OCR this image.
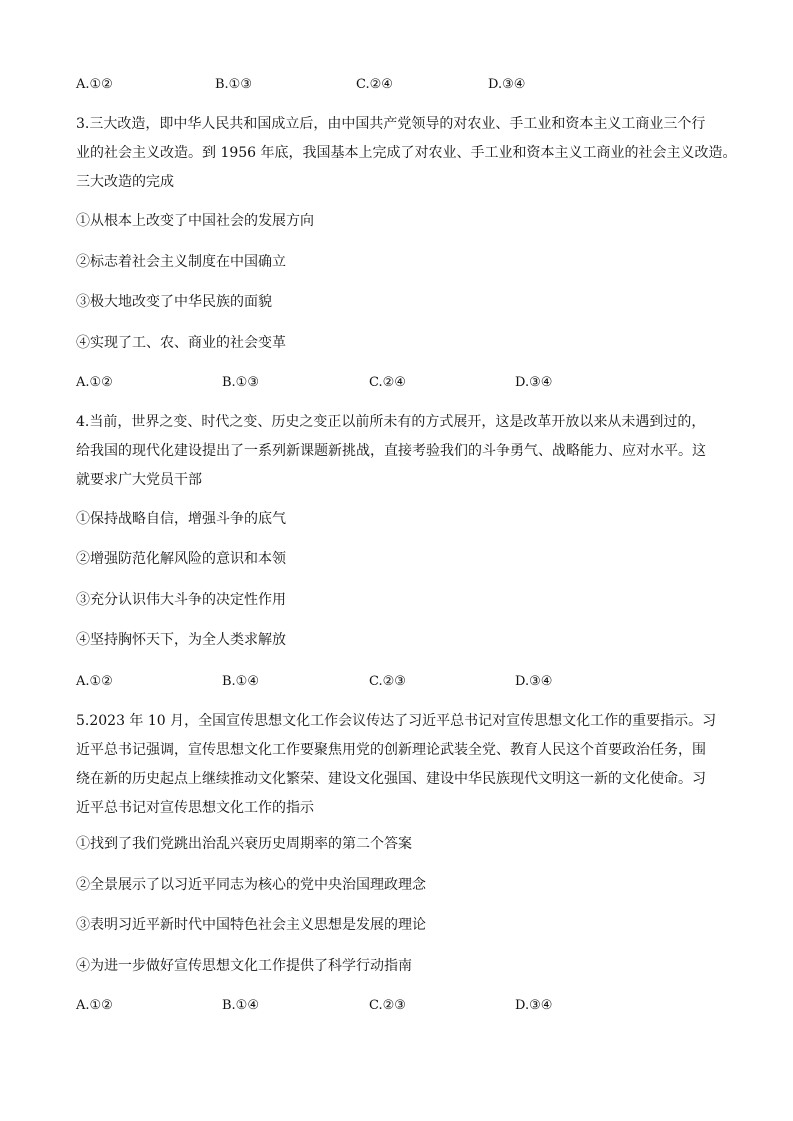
A.①②	B.①③	C.②④	D.③④
3.三大改造，即中华人民共和国成立后，由中国共产党领导的对农业、手工业和资本主义工商业三个行
业的社会主义改造。到 1956 年底，我国基本上完成了对农业、手工业和资本主义工商业的社会主义改造。
三大改造的完成
①从根本上改变了中国社会的发展方向
②标志着社会主义制度在中国确立
③极大地改变了中华民族的面貌
④实现了工、农、商业的社会变革
A.①②	B.①③	C.②④	D.③④
4.当前，世界之变、时代之变、历史之变正以前所未有的方式展开，这是改革开放以来从未遇到过的，
给我国的现代化建设提出了一系列新课题新挑战，直接考验我们的斗争勇气、战略能力、应对水平。这
就要求广大党员干部
①保持战略自信，增强斗争的底气
②增强防范化解风险的意识和本领
③充分认识伟大斗争的决定性作用
④坚持胸怀天下，为全人类求解放
A.①②	B.①④	C.②③	D.③④
5.2023 年 10 月，全国宣传思想文化工作会议传达了习近平总书记对宣传思想文化工作的重要指示。习
近平总书记强调，宣传思想文化工作要聚焦用党的创新理论武装全党、教育人民这个首要政治任务，围
绕在新的历史起点上继续推动文化繁荣、建设文化强国、建设中华民族现代文明这一新的文化使命。习
近平总书记对宣传思想文化工作的指示
①找到了我们党跳出治乱兴衰历史周期率的第二个答案
②全景展示了以习近平同志为核心的党中央治国理政理念
③表明习近平新时代中国特色社会主义思想是发展的理论
④为进一步做好宣传思想文化工作提供了科学行动指南
A.①②	B.①④	C.②③	D.③④
